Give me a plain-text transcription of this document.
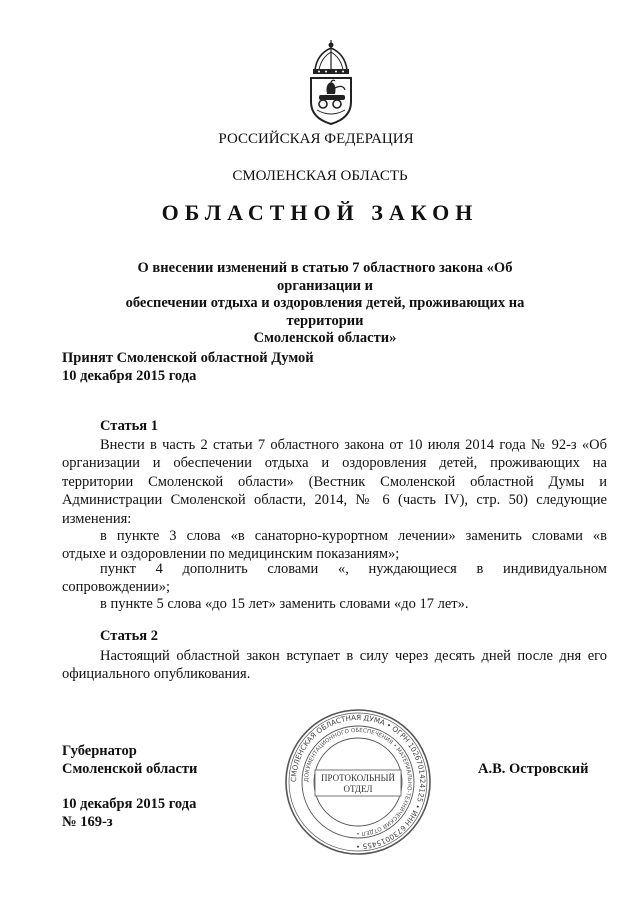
РОССИЙСКАЯ ФЕДЕРАЦИЯ
СМОЛЕНСКАЯ ОБЛАСТЬ
ОБЛАСТНОЙ ЗАКОН
О внесении изменений в статью 7 областного закона «Об организации и
обеспечении отдыха и оздоровления детей, проживающих на территории
Смоленской области»
Принят Смоленской областной Думой
10 декабря 2015 года
Статья 1
Внести в часть 2 статьи 7 областного закона от 10 июля 2014 года № 92-з «Об
организации и обеспечении отдыха и оздоровления детей, проживающих на
территории Смоленской области» (Вестник Смоленской областной Думы и
Администрации Смоленской области, 2014, № 6 (часть IV), стр. 50) следующие
изменения:
в пункте 3 слова «в санаторно-курортном лечении» заменить словами «в
отдыхе и оздоровлении по медицинским показаниям»;
пункт 4 дополнить словами «, нуждающиеся в индивидуальном
сопровождении»;
в пункте 5 слова «до 15 лет» заменить словами «до 17 лет».
Статья 2
Настоящий областной закон вступает в силу через десять дней после дня его
официального опубликования.
Губернатор
Смоленской области	А.В. Островский
10 декабря 2015 года
№ 169-з
СМОЛЕНСКАЯ ОБЛАСТНАЯ ДУМА • ОГРН 1026701424125 • ИНН 6730015455 •
ДОКУМЕНТАЦИОННОГО ОБЕСПЕЧЕНИЯ • МАТЕРИАЛЬНО-ТЕХНИЧЕСКИЙ ОТДЕЛ •
ПРОТОКОЛЬНЫЙ
ОТДЕЛ
